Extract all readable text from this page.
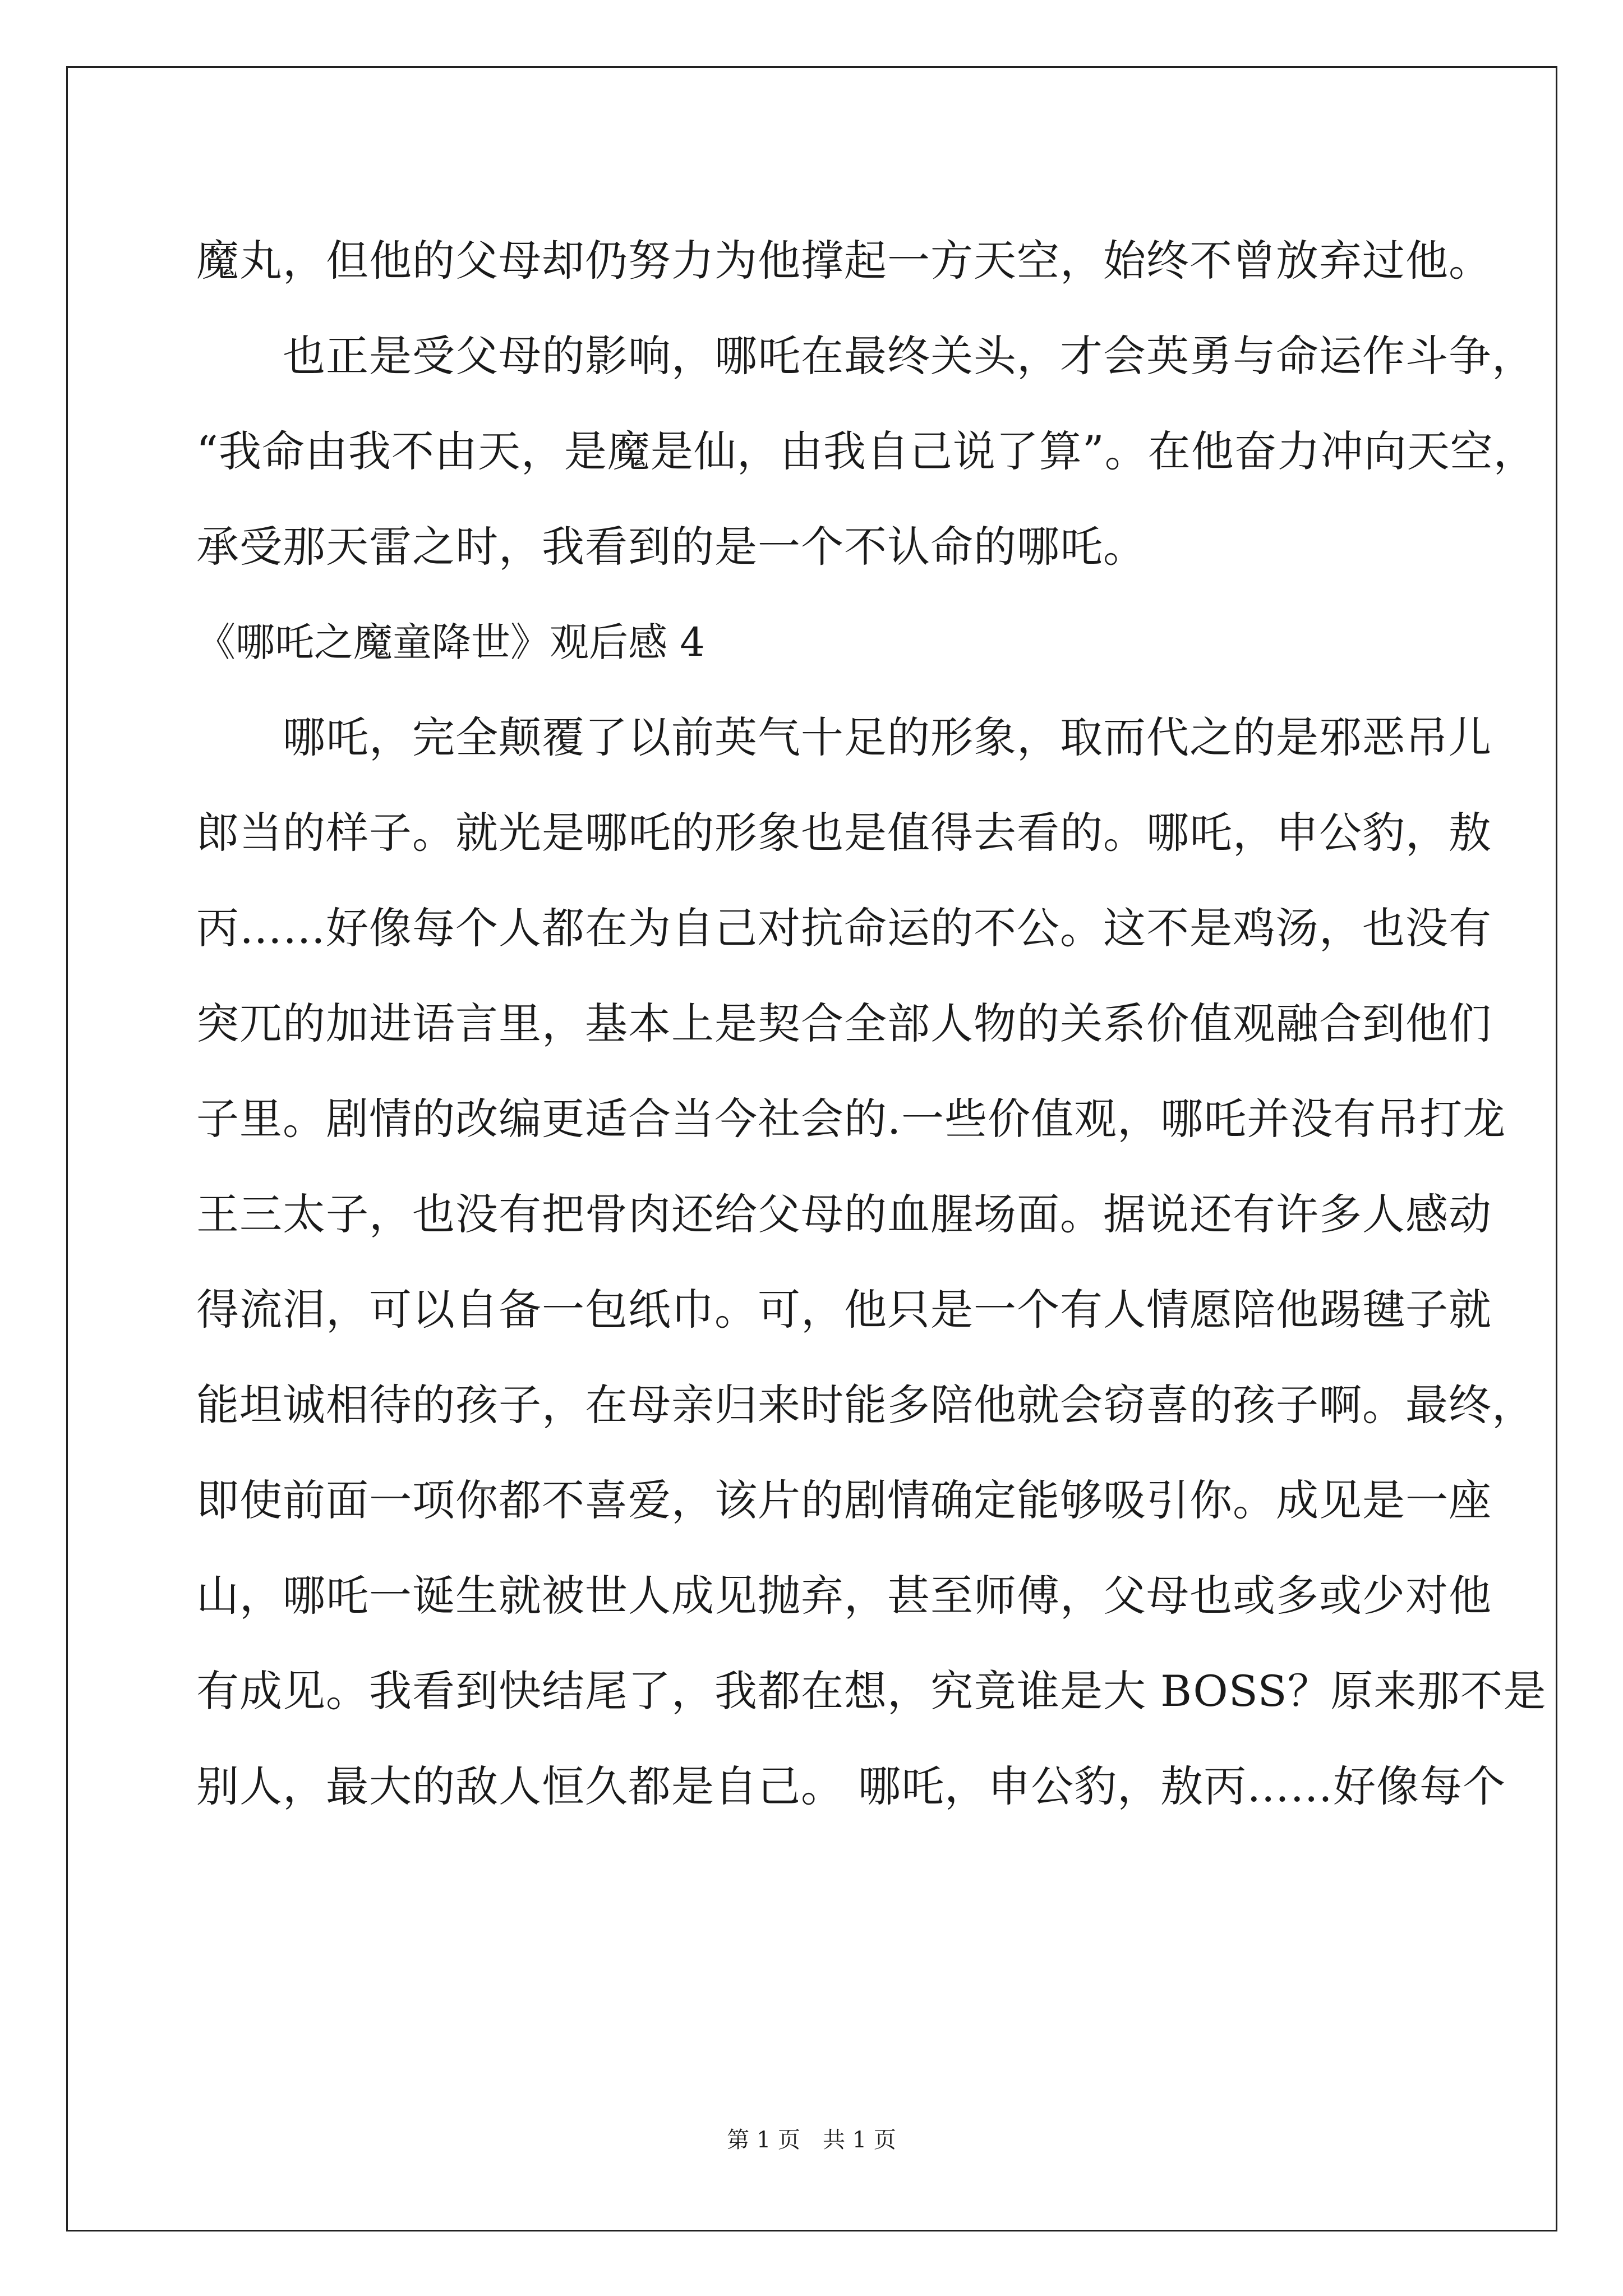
魔丸，但他的父母却仍努力为他撑起一方天空，始终不曾放弃过他。
　　也正是受父母的影响，哪吒在最终关头，才会英勇与命运作斗争，
“我命由我不由天，是魔是仙，由我自己说了算”。在他奋力冲向天空，
承受那天雷之时，我看到的是一个不认命的哪吒。
《哪吒之魔童降世》观后感 4
　　哪吒，完全颠覆了以前英气十足的形象，取而代之的是邪恶吊儿
郎当的样子。就光是哪吒的形象也是值得去看的。哪吒，申公豹，敖
丙……好像每个人都在为自己对抗命运的不公。这不是鸡汤，也没有
突兀的加进语言里，基本上是契合全部人物的关系价值观融合到他们
子里。剧情的改编更适合当今社会的.一些价值观，哪吒并没有吊打龙
王三太子，也没有把骨肉还给父母的血腥场面。据说还有许多人感动
得流泪，可以自备一包纸巾。可，他只是一个有人情愿陪他踢毽子就
能坦诚相待的孩子，在母亲归来时能多陪他就会窃喜的孩子啊。最终，
即使前面一项你都不喜爱，该片的剧情确定能够吸引你。成见是一座
山，哪吒一诞生就被世人成见抛弃，甚至师傅，父母也或多或少对他
有成见。我看到快结尾了，我都在想，究竟谁是大 BOSS？原来那不是
别人，最大的敌人恒久都是自己。 哪吒，申公豹，敖丙……好像每个
第 1 页　共 1 页
